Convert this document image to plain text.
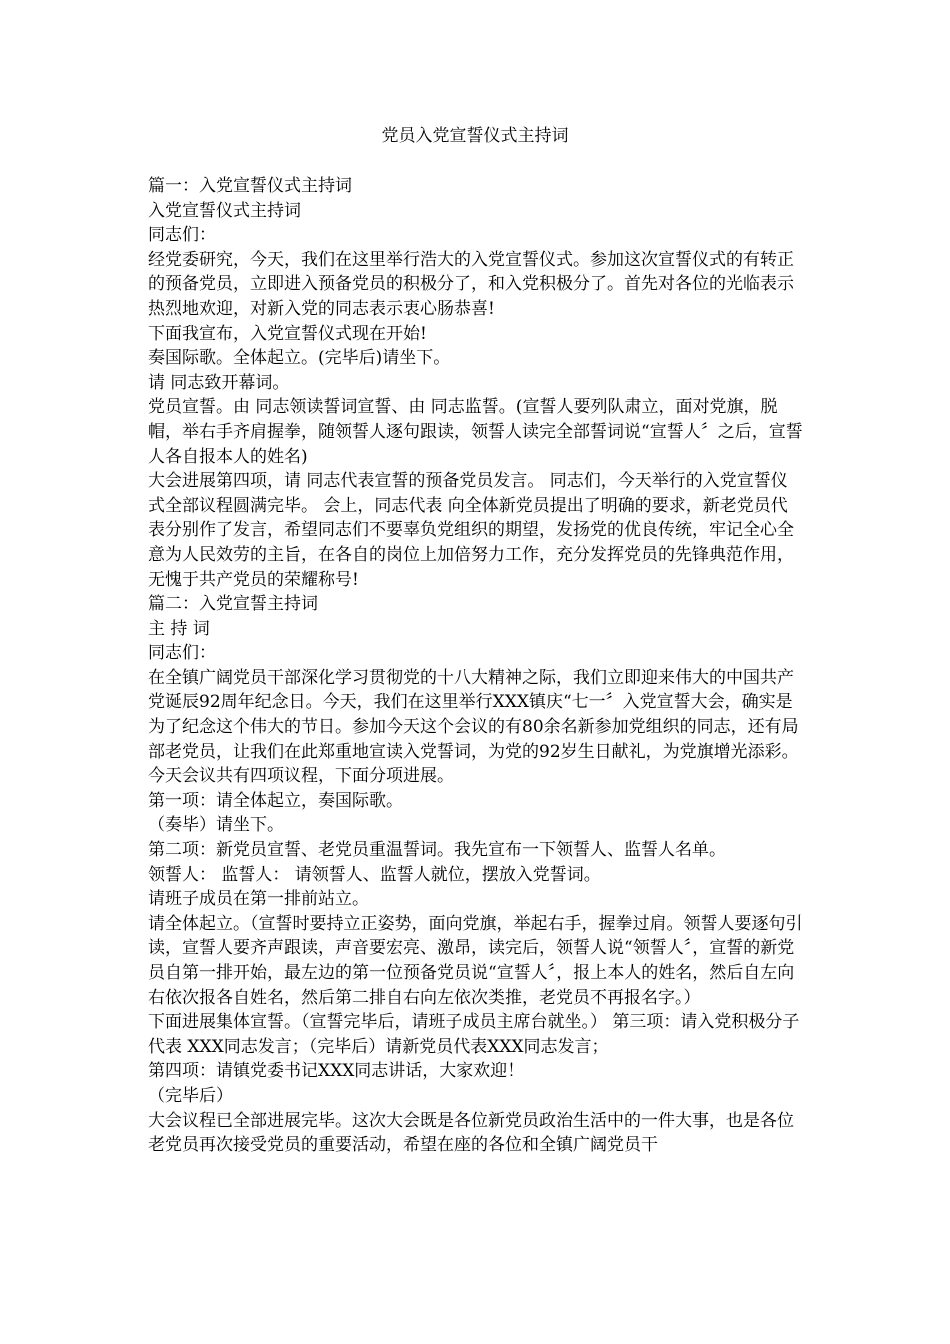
党员入党宣誓仪式主持词

篇一：入党宣誓仪式主持词

入党宣誓仪式主持词

同志们：

经党委研究，今天，我们在这里举行浩大的入党宣誓仪式。参加这次宣誓仪式的有转正的预备党员，立即进入预备党员的积极分了，和入党积极分了。首先对各位的光临表示热烈地欢迎，对新入党的同志表示衷心肠恭喜!

下面我宣布，入党宣誓仪式现在开始!

奏国际歌。全体起立。(完毕后)请坐下。

请 同志致开幕词。

党员宣誓。由 同志领读誓词宣誓、由 同志监誓。(宣誓人要列队肃立，面对党旗，脱帽，举右手齐肩握拳，随领誓人逐句跟读，领誓人读完全部誓词说“宣誓人〞之后，宣誓人各自报本人的姓名)

大会进展第四项，请 同志代表宣誓的预备党员发言。 同志们，今天举行的入党宣誓仪式全部议程圆满完毕。 会上，同志代表 向全体新党员提出了明确的要求，新老党员代表分别作了发言，希望同志们不要辜负党组织的期望，发扬党的优良传统，牢记全心全意为人民效劳的主旨，在各自的岗位上加倍努力工作，充分发挥党员的先锋典范作用，无愧于共产党员的荣耀称号!

篇二：入党宣誓主持词

主 持 词

同志们：

在全镇广阔党员干部深化学习贯彻党的十八大精神之际，我们立即迎来伟大的中国共产党诞辰92周年纪念日。今天，我们在这里举行XXX镇庆“七一〞入党宣誓大会，确实是为了纪念这个伟大的节日。参加今天这个会议的有80余名新参加党组织的同志，还有局部老党员，让我们在此郑重地宣读入党誓词，为党的92岁生日献礼，为党旗增光添彩。

今天会议共有四项议程，下面分项进展。

第一项：请全体起立，奏国际歌。

（奏毕）请坐下。

第二项：新党员宣誓、老党员重温誓词。我先宣布一下领誓人、监誓人名单。

领誓人： 监誓人： 请领誓人、监誓人就位，摆放入党誓词。

请班子成员在第一排前站立。

请全体起立。（宣誓时要持立正姿势，面向党旗，举起右手，握拳过肩。领誓人要逐句引读，宣誓人要齐声跟读，声音要宏亮、激昂，读完后，领誓人说“领誓人〞，宣誓的新党员自第一排开始，最左边的第一位预备党员说“宣誓人〞，报上本人的姓名，然后自左向右依次报各自姓名，然后第二排自右向左依次类推，老党员不再报名字。）

下面进展集体宣誓。（宣誓完毕后，请班子成员主席台就坐。） 第三项：请入党积极分子代表 XXX同志发言；（完毕后）请新党员代表XXX同志发言；

第四项：请镇党委书记XXX同志讲话，大家欢迎！

（完毕后）

大会议程已全部进展完毕。这次大会既是各位新党员政治生活中的一件大事，也是各位老党员再次接受党员的重要活动，希望在座的各位和全镇广阔党员干
